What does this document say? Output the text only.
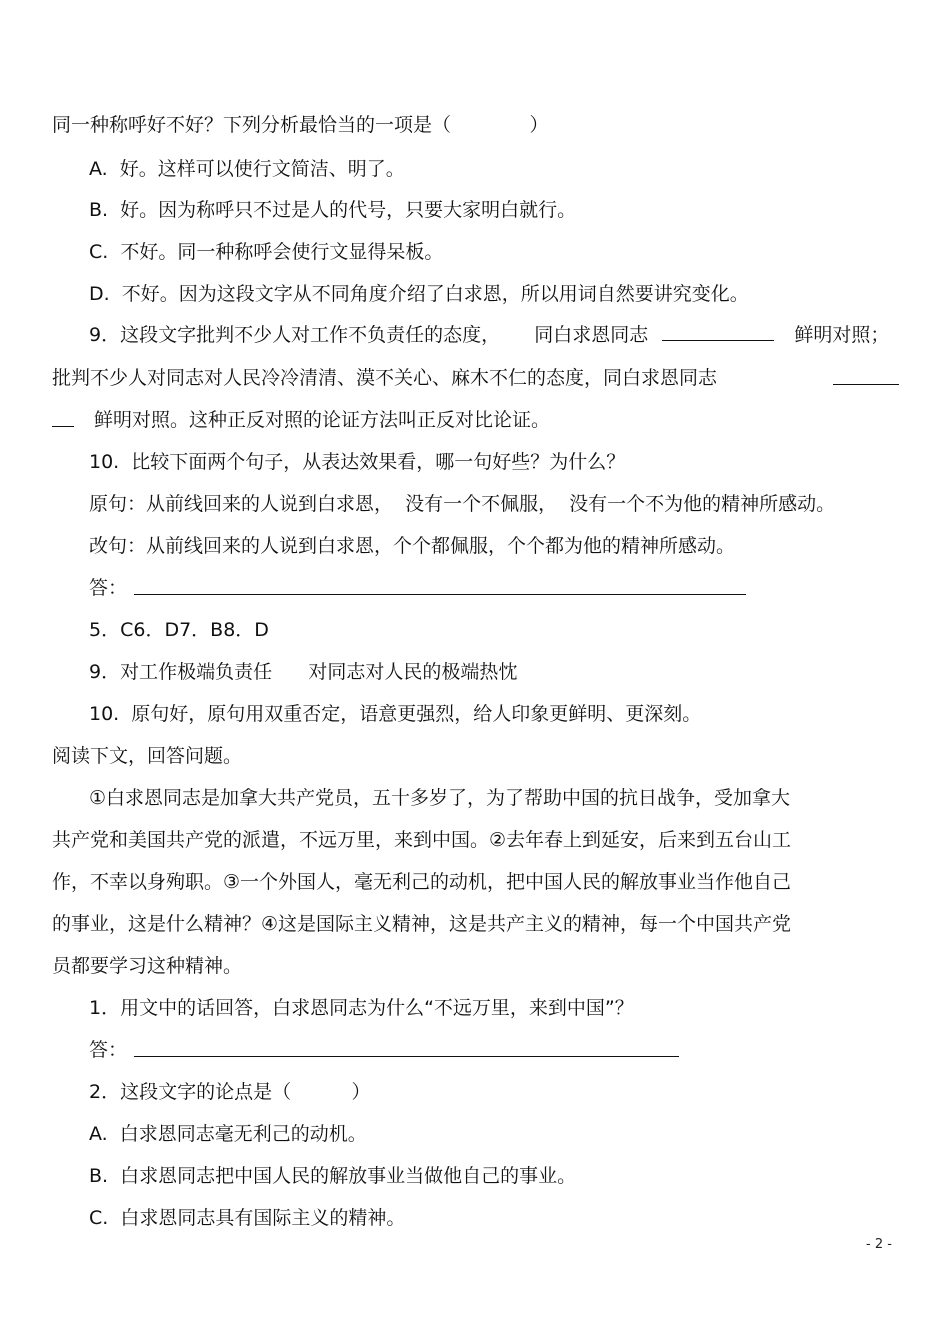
同一种称呼好不好？下列分析最恰当的一项是（             ）
A.  好。这样可以使行文简洁、明了。
B.  好。因为称呼只不过是人的代号，只要大家明白就行。
C.  不好。同一种称呼会使行文显得呆板。
D.  不好。因为这段文字从不同角度介绍了白求恩，所以用词自然要讲究变化。
9．这段文字批判不少人对工作不负责任的态度， 同白求恩同志	鲜明对照；
批判不少人对同志对人民冷冷清清、漠不关心、麻木不仁的态度，同白求恩同志
鲜明对照。这种正反对照的论证方法叫正反对比论证。
10.  比较下面两个句子，从表达效果看，哪一句好些？为什么？
原句：从前线回来的人说到白求恩，  没有一个不佩服，  没有一个不为他的精神所感动。
改句：从前线回来的人说到白求恩，个个都佩服，个个都为他的精神所感动。
答：
5．C6．D7．B8．D
9．对工作极端负责任      对同志对人民的极端热忱
10.  原句好，原句用双重否定，语意更强烈，给人印象更鲜明、更深刻。
阅读下文，回答问题。
①白求恩同志是加拿大共产党员，五十多岁了，为了帮助中国的抗日战争，受加拿大
共产党和美国共产党的派遣，不远万里，来到中国。②去年春上到延安，后来到五台山工
作，不幸以身殉职。③一个外国人，毫无利己的动机，把中国人民的解放事业当作他自己
的事业，这是什么精神？④这是国际主义精神，这是共产主义的精神，每一个中国共产党
员都要学习这种精神。
1．用文中的话回答，白求恩同志为什么“不远万里，来到中国”？
答：
2．这段文字的论点是（          ）
A.  白求恩同志毫无利己的动机。
B.  白求恩同志把中国人民的解放事业当做他自己的事业。
C.  白求恩同志具有国际主义的精神。
- 2 -
